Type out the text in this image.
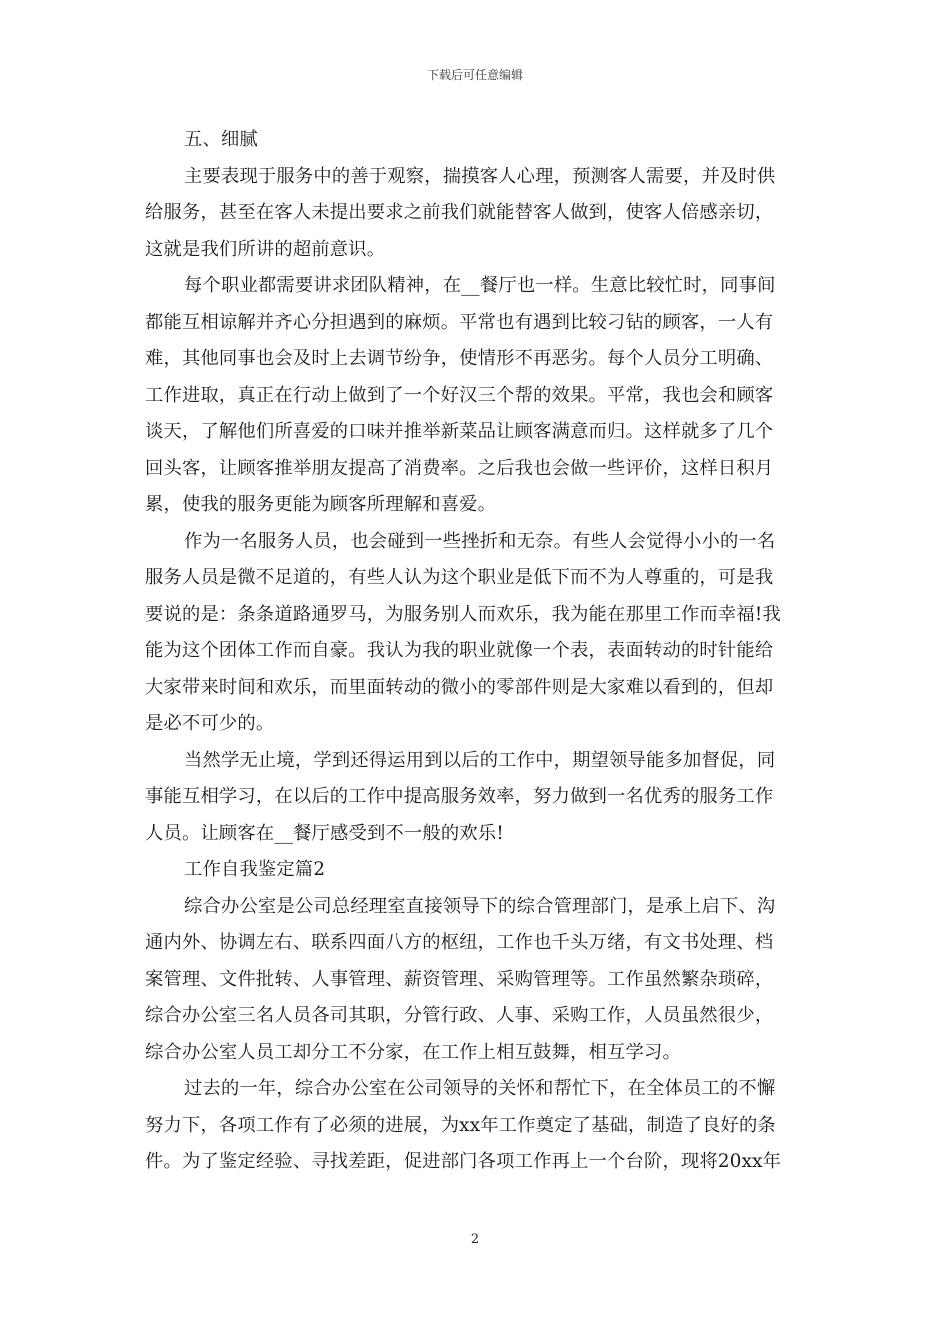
下载后可任意编辑
五、细腻
主要表现于服务中的善于观察，揣摸客人心理，预测客人需要，并及时供
给服务，甚至在客人未提出要求之前我们就能替客人做到，使客人倍感亲切，
这就是我们所讲的超前意识。
每个职业都需要讲求团队精神，在__餐厅也一样。生意比较忙时，同事间
都能互相谅解并齐心分担遇到的麻烦。平常也有遇到比较刁钻的顾客，一人有
难，其他同事也会及时上去调节纷争，使情形不再恶劣。每个人员分工明确、
工作进取，真正在行动上做到了一个好汉三个帮的效果。平常，我也会和顾客
谈天，了解他们所喜爱的口味并推举新菜品让顾客满意而归。这样就多了几个
回头客，让顾客推举朋友提高了消费率。之后我也会做一些评价，这样日积月
累，使我的服务更能为顾客所理解和喜爱。
作为一名服务人员，也会碰到一些挫折和无奈。有些人会觉得小小的一名
服务人员是微不足道的，有些人认为这个职业是低下而不为人尊重的，可是我
要说的是：条条道路通罗马，为服务别人而欢乐，我为能在那里工作而幸福!我
能为这个团体工作而自豪。我认为我的职业就像一个表，表面转动的时针能给
大家带来时间和欢乐，而里面转动的微小的零部件则是大家难以看到的，但却
是必不可少的。
当然学无止境，学到还得运用到以后的工作中，期望领导能多加督促，同
事能互相学习，在以后的工作中提高服务效率，努力做到一名优秀的服务工作
人员。让顾客在__餐厅感受到不一般的欢乐!
工作自我鉴定篇2
综合办公室是公司总经理室直接领导下的综合管理部门，是承上启下、沟
通内外、协调左右、联系四面八方的枢纽，工作也千头万绪，有文书处理、档
案管理、文件批转、人事管理、薪资管理、采购管理等。工作虽然繁杂琐碎，
综合办公室三名人员各司其职，分管行政、人事、采购工作，人员虽然很少，
综合办公室人员工却分工不分家，在工作上相互鼓舞，相互学习。
过去的一年，综合办公室在公司领导的关怀和帮忙下，在全体员工的不懈
努力下，各项工作有了必须的进展，为xx年工作奠定了基础，制造了良好的条
件。为了鉴定经验、寻找差距，促进部门各项工作再上一个台阶，现将20xx年
2
